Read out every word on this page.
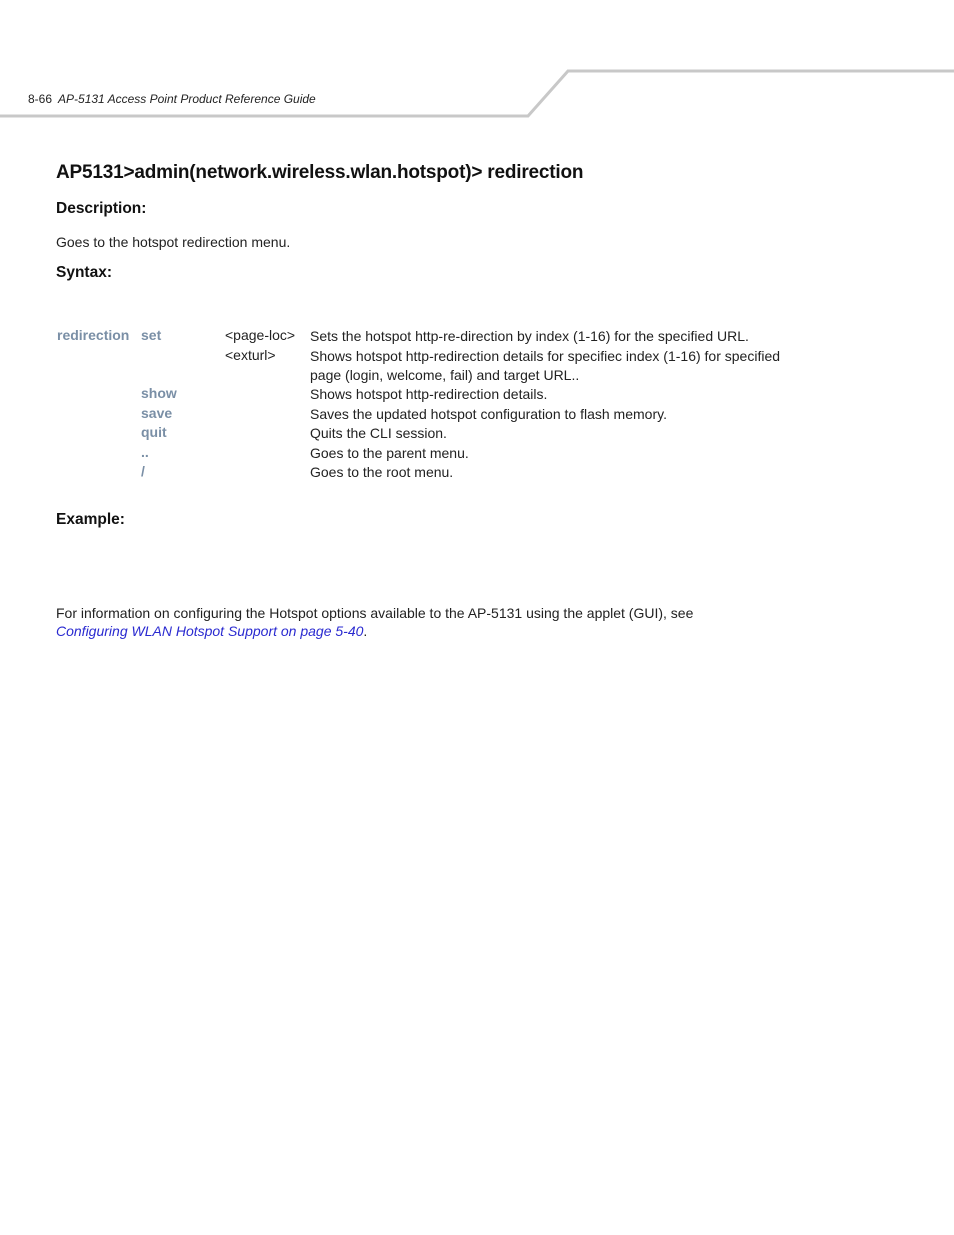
8-66 AP-5131 Access Point Product Reference Guide
AP5131>admin(network.wireless.wlan.hotspot)> redirection
Description:
Goes to the hotspot redirection menu.
Syntax:
redirection set	<page-loc> Sets the hotspot http-re-direction by index (1-16) for the specified URL.
<exturl> Shows hotspot http-redirection details for specifiec index (1-16) for specified page (login, welcome, fail) and target URL..
show	Shows hotspot http-redirection details.
save	Saves the updated hotspot configuration to flash memory.
quit	Quits the CLI session.
..	Goes to the parent menu.
/	Goes to the root menu.
Example:
For information on configuring the Hotspot options available to the AP-5131 using the applet (GUI), see
Configuring WLAN Hotspot Support on page 5-40.
